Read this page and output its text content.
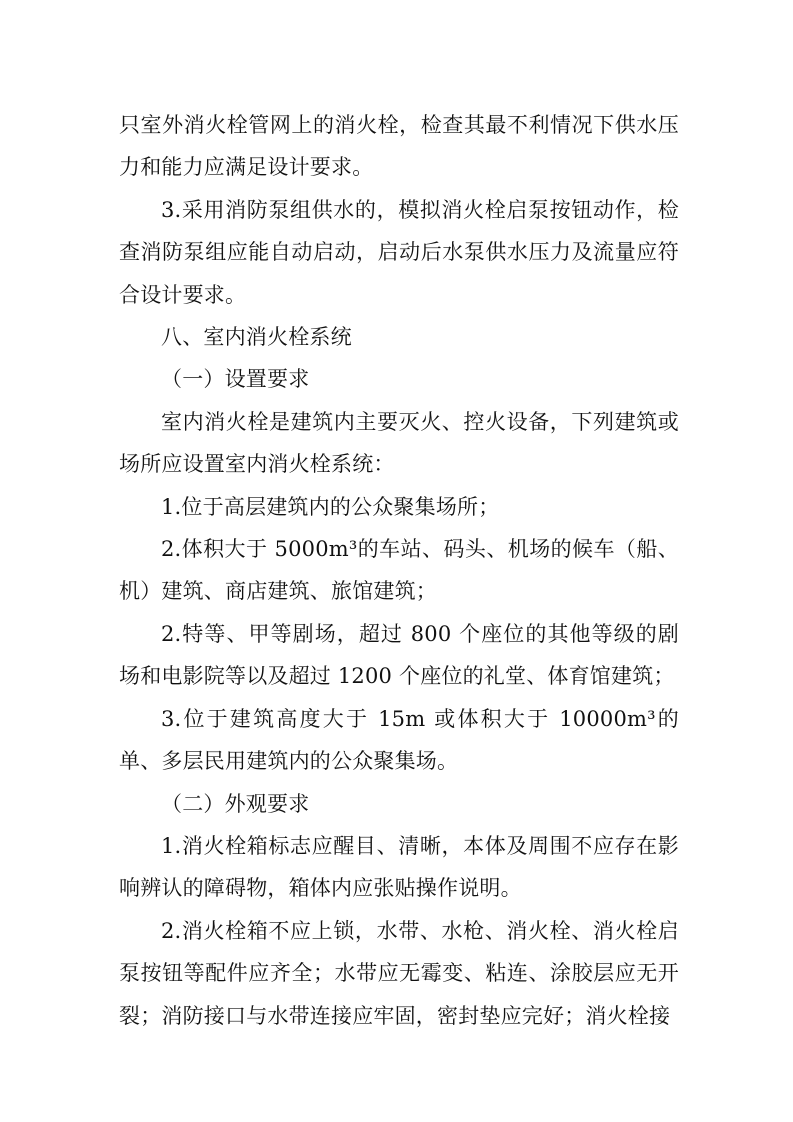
只室外消火栓管网上的消火栓，检查其最不利情况下供水压力和能力应满足设计要求。

3.采用消防泵组供水的，模拟消火栓启泵按钮动作，检查消防泵组应能自动启动，启动后水泵供水压力及流量应符合设计要求。

八、室内消火栓系统

（一）设置要求

室内消火栓是建筑内主要灭火、控火设备，下列建筑或场所应设置室内消火栓系统：

1.位于高层建筑内的公众聚集场所；

2.体积大于 5000m³的车站、码头、机场的候车（船、机）建筑、商店建筑、旅馆建筑；

2.特等、甲等剧场，超过 800 个座位的其他等级的剧场和电影院等以及超过 1200 个座位的礼堂、体育馆建筑；

3.位于建筑高度大于 15m 或体积大于 10000m³的单、多层民用建筑内的公众聚集场。

（二）外观要求

1.消火栓箱标志应醒目、清晰，本体及周围不应存在影响辨认的障碍物，箱体内应张贴操作说明。

2.消火栓箱不应上锁，水带、水枪、消火栓、消火栓启泵按钮等配件应齐全；水带应无霉变、粘连、涂胶层应无开裂；消防接口与水带连接应牢固，密封垫应完好；消火栓接
